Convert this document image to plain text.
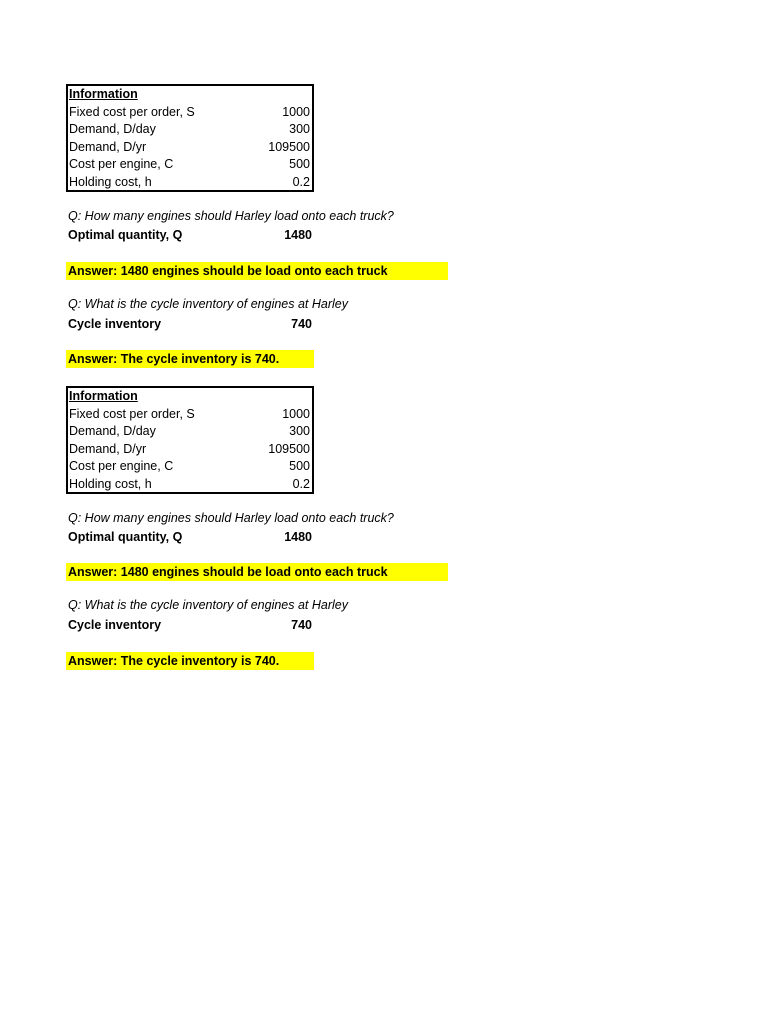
Information
Fixed cost per order, S	1000
Demand, D/day	300
Demand, D/yr	109500
Cost per engine, C	500
Holding cost, h	0.2
Q: How many engines should Harley load onto each truck?
Optimal quantity, Q	1480
Answer: 1480 engines should be load onto each truck
Q: What is the cycle inventory of engines at Harley
Cycle inventory	740
Answer: The cycle inventory is 740.
Information
Fixed cost per order, S	1000
Demand, D/day	300
Demand, D/yr	109500
Cost per engine, C	500
Holding cost, h	0.2
Q: How many engines should Harley load onto each truck?
Optimal quantity, Q	1480
Answer: 1480 engines should be load onto each truck
Q: What is the cycle inventory of engines at Harley
Cycle inventory	740
Answer: The cycle inventory is 740.
